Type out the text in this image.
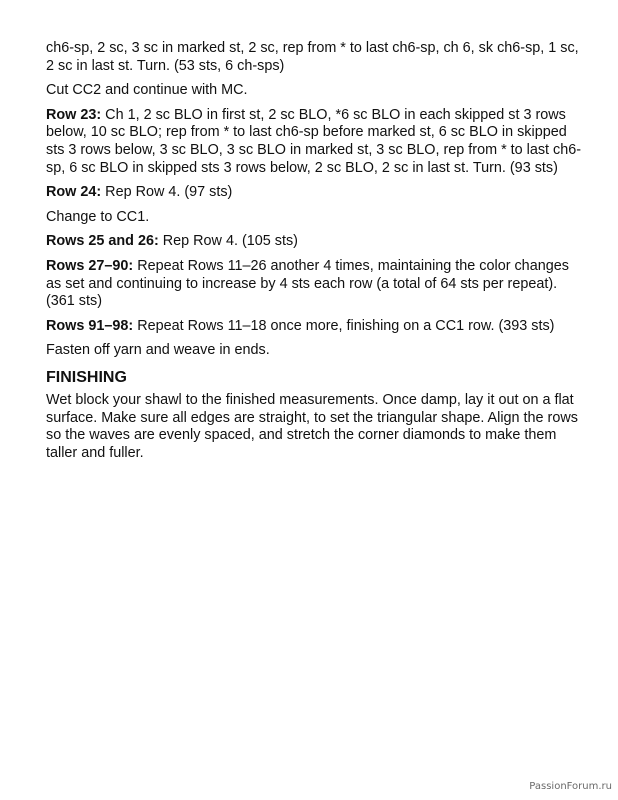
ch6-sp, 2 sc, 3 sc in marked st, 2 sc, rep from * to last ch6-sp, ch 6, sk ch6-sp, 1 sc, 2 sc in last st. Turn. (53 sts, 6 ch-sps)

Cut CC2 and continue with MC.

Row 23: Ch 1, 2 sc BLO in first st, 2 sc BLO, *6 sc BLO in each skipped st 3 rows below, 10 sc BLO; rep from * to last ch6-sp before marked st, 6 sc BLO in skipped sts 3 rows below, 3 sc BLO, 3 sc BLO in marked st, 3 sc BLO, rep from * to last ch6-sp, 6 sc BLO in skipped sts 3 rows below, 2 sc BLO, 2 sc in last st. Turn. (93 sts)

Row 24: Rep Row 4. (97 sts)

Change to CC1.

Rows 25 and 26: Rep Row 4. (105 sts)

Rows 27–90: Repeat Rows 11–26 another 4 times, maintaining the color changes as set and continuing to increase by 4 sts each row (a total of 64 sts per repeat). (361 sts)

Rows 91–98: Repeat Rows 11–18 once more, finishing on a CC1 row. (393 sts)

Fasten off yarn and weave in ends.

FINISHING

Wet block your shawl to the finished measurements. Once damp, lay it out on a flat surface. Make sure all edges are straight, to set the triangular shape. Align the rows so the waves are evenly spaced, and stretch the corner diamonds to make them taller and fuller.

PassionForum.ru
